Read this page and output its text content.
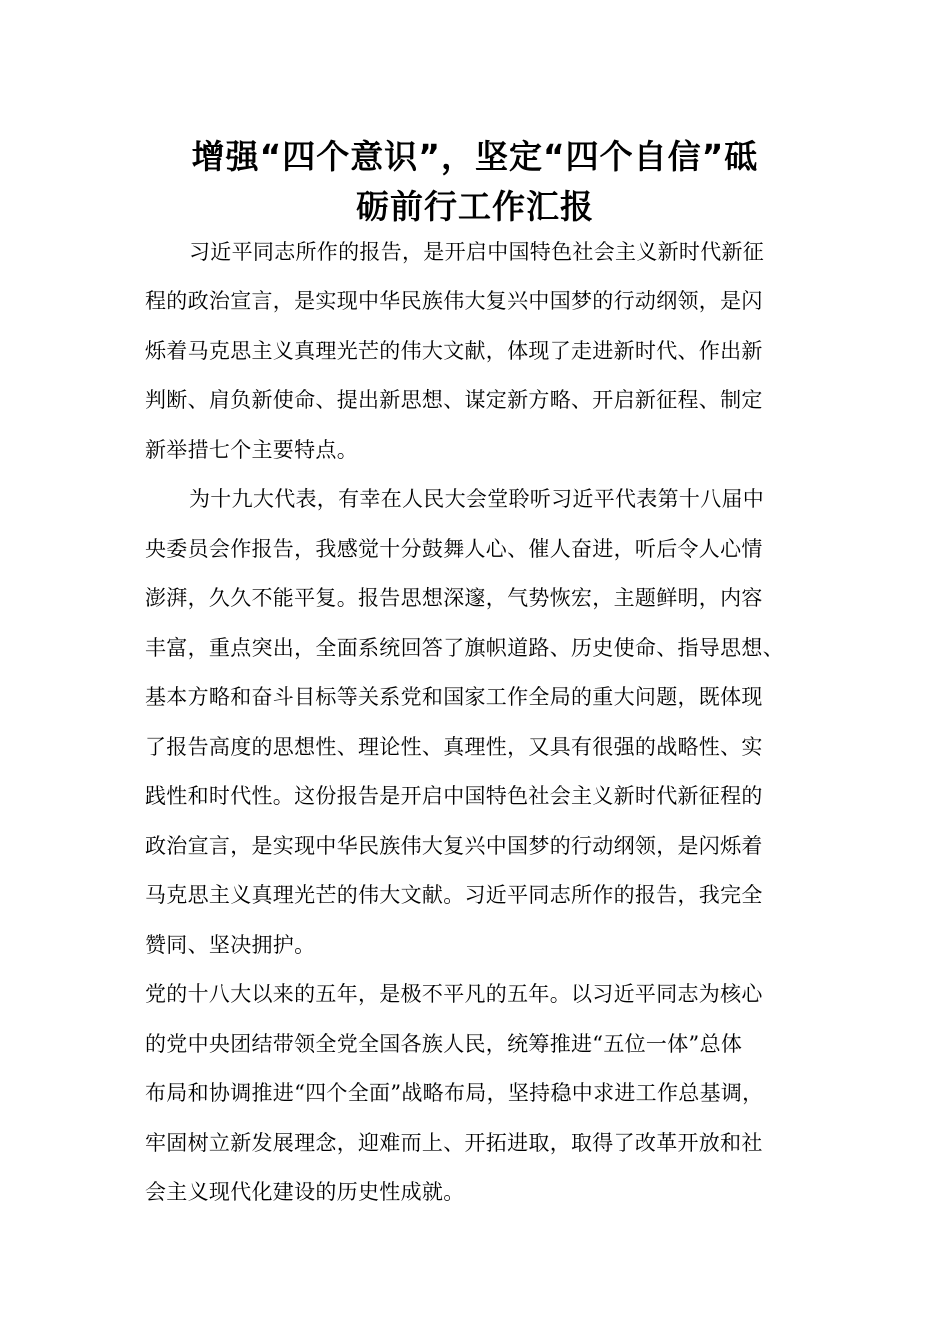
增强“四个意识”，坚定“四个自信”砥
砺前行工作汇报
习近平同志所作的报告，是开启中国特色社会主义新时代新征
程的政治宣言，是实现中华民族伟大复兴中国梦的行动纲领，是闪
烁着马克思主义真理光芒的伟大文献，体现了走进新时代、作出新
判断、肩负新使命、提出新思想、谋定新方略、开启新征程、制定
新举措七个主要特点。
为十九大代表，有幸在人民大会堂聆听习近平代表第十八届中
央委员会作报告，我感觉十分鼓舞人心、催人奋进，听后令人心情
澎湃，久久不能平复。报告思想深邃，气势恢宏，主题鲜明，内容
丰富，重点突出，全面系统回答了旗帜道路、历史使命、指导思想、
基本方略和奋斗目标等关系党和国家工作全局的重大问题，既体现
了报告高度的思想性、理论性、真理性，又具有很强的战略性、实
践性和时代性。这份报告是开启中国特色社会主义新时代新征程的
政治宣言，是实现中华民族伟大复兴中国梦的行动纲领，是闪烁着
马克思主义真理光芒的伟大文献。习近平同志所作的报告，我完全
赞同、坚决拥护。
党的十八大以来的五年，是极不平凡的五年。以习近平同志为核心
的党中央团结带领全党全国各族人民，统筹推进“五位一体”总体
布局和协调推进“四个全面”战略布局，坚持稳中求进工作总基调，
牢固树立新发展理念，迎难而上、开拓进取，取得了改革开放和社
会主义现代化建设的历史性成就。
